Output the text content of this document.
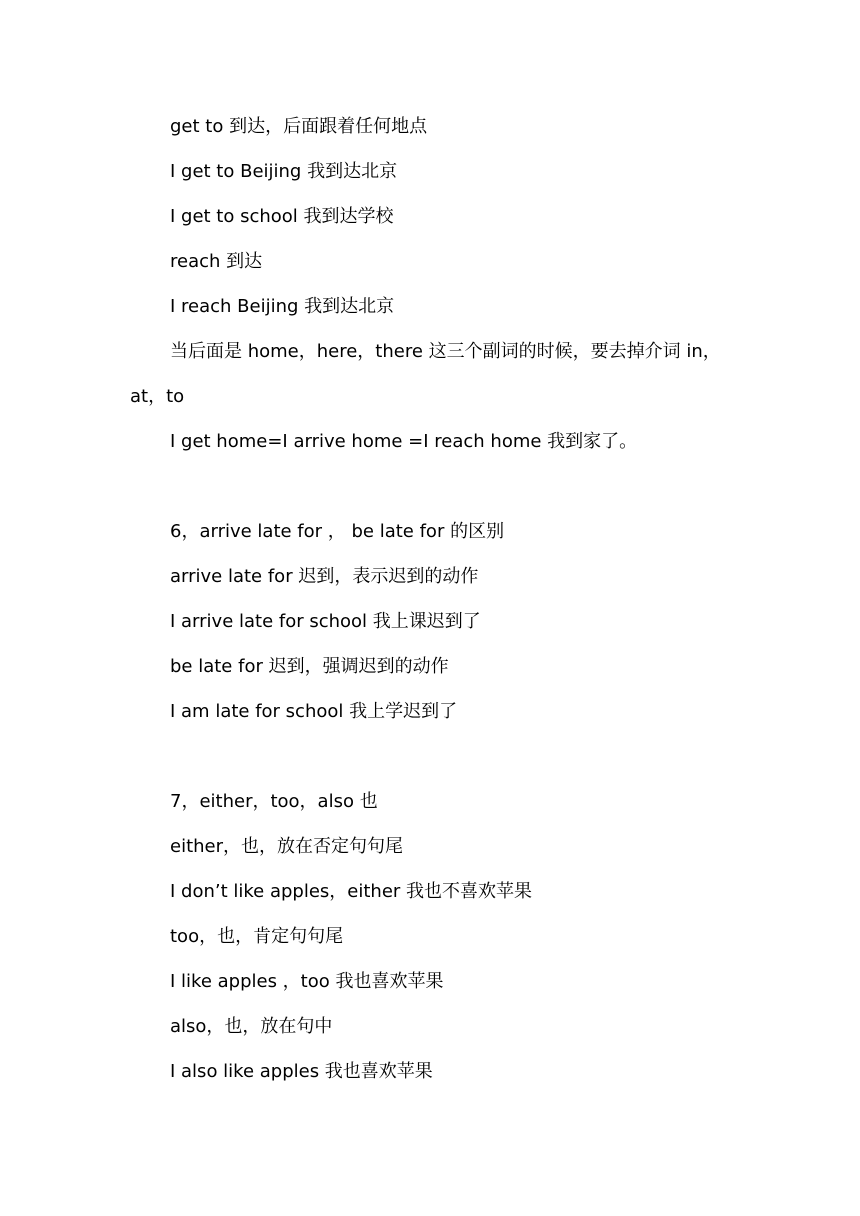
get to 到达，后面跟着任何地点
I get to Beijing 我到达北京
I get to school 我到达学校
reach 到达
I reach Beijing 我到达北京
当后面是 home，here，there 这三个副词的时候，要去掉介词 in，
at，to
I get home=I arrive home =I reach home 我到家了。
6，arrive late for ， be late for 的区别
arrive late for 迟到，表示迟到的动作
I arrive late for school 我上课迟到了
be late for 迟到，强调迟到的动作
I am late for school 我上学迟到了
7，either，too，also 也
either，也，放在否定句句尾
I don’t like apples，either 我也不喜欢苹果
too，也，肯定句句尾
I like apples ，too 我也喜欢苹果
also，也，放在句中
I also like apples 我也喜欢苹果
